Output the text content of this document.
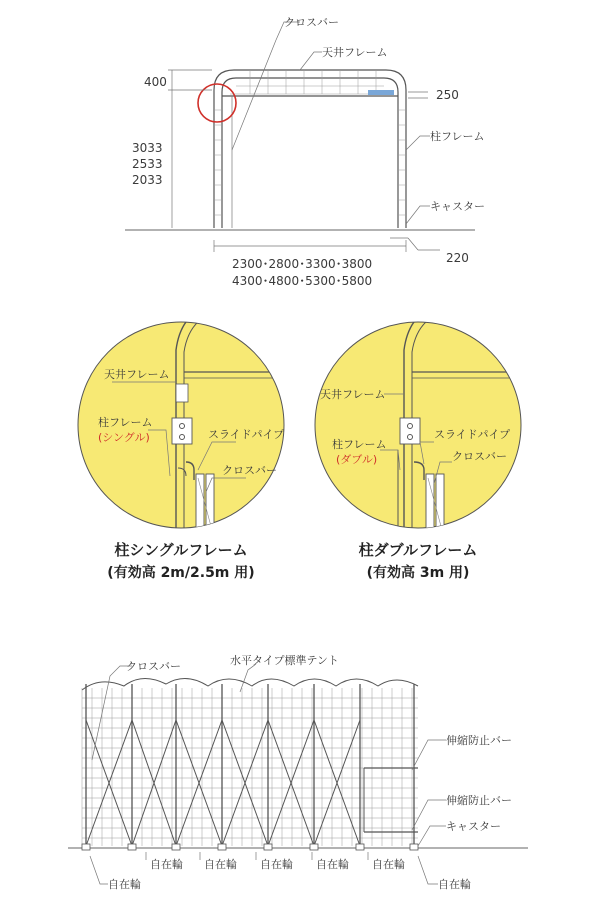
クロスバー
天井フレーム
柱フレーム
キャスター
400
250
3033
2533
2033
2300･2800･3300･3800
4300･4800･5300･5800
220
天井フレーム
柱フレーム
(シングル)	スライドパイプ
クロスバー
柱シングルフレーム
(有効高 2m/2.5m 用)
天井フレーム
柱フレーム
(ダブル)
スライドパイプ
クロスバー
柱ダブルフレーム
(有効高 3m 用)
クロスバー	水平タイプ標準テント
伸縮防止バー
伸縮防止バー
キャスター
自在輪
自在輪 自在輪 自在輪 自在輪 自在輪
自在輪
